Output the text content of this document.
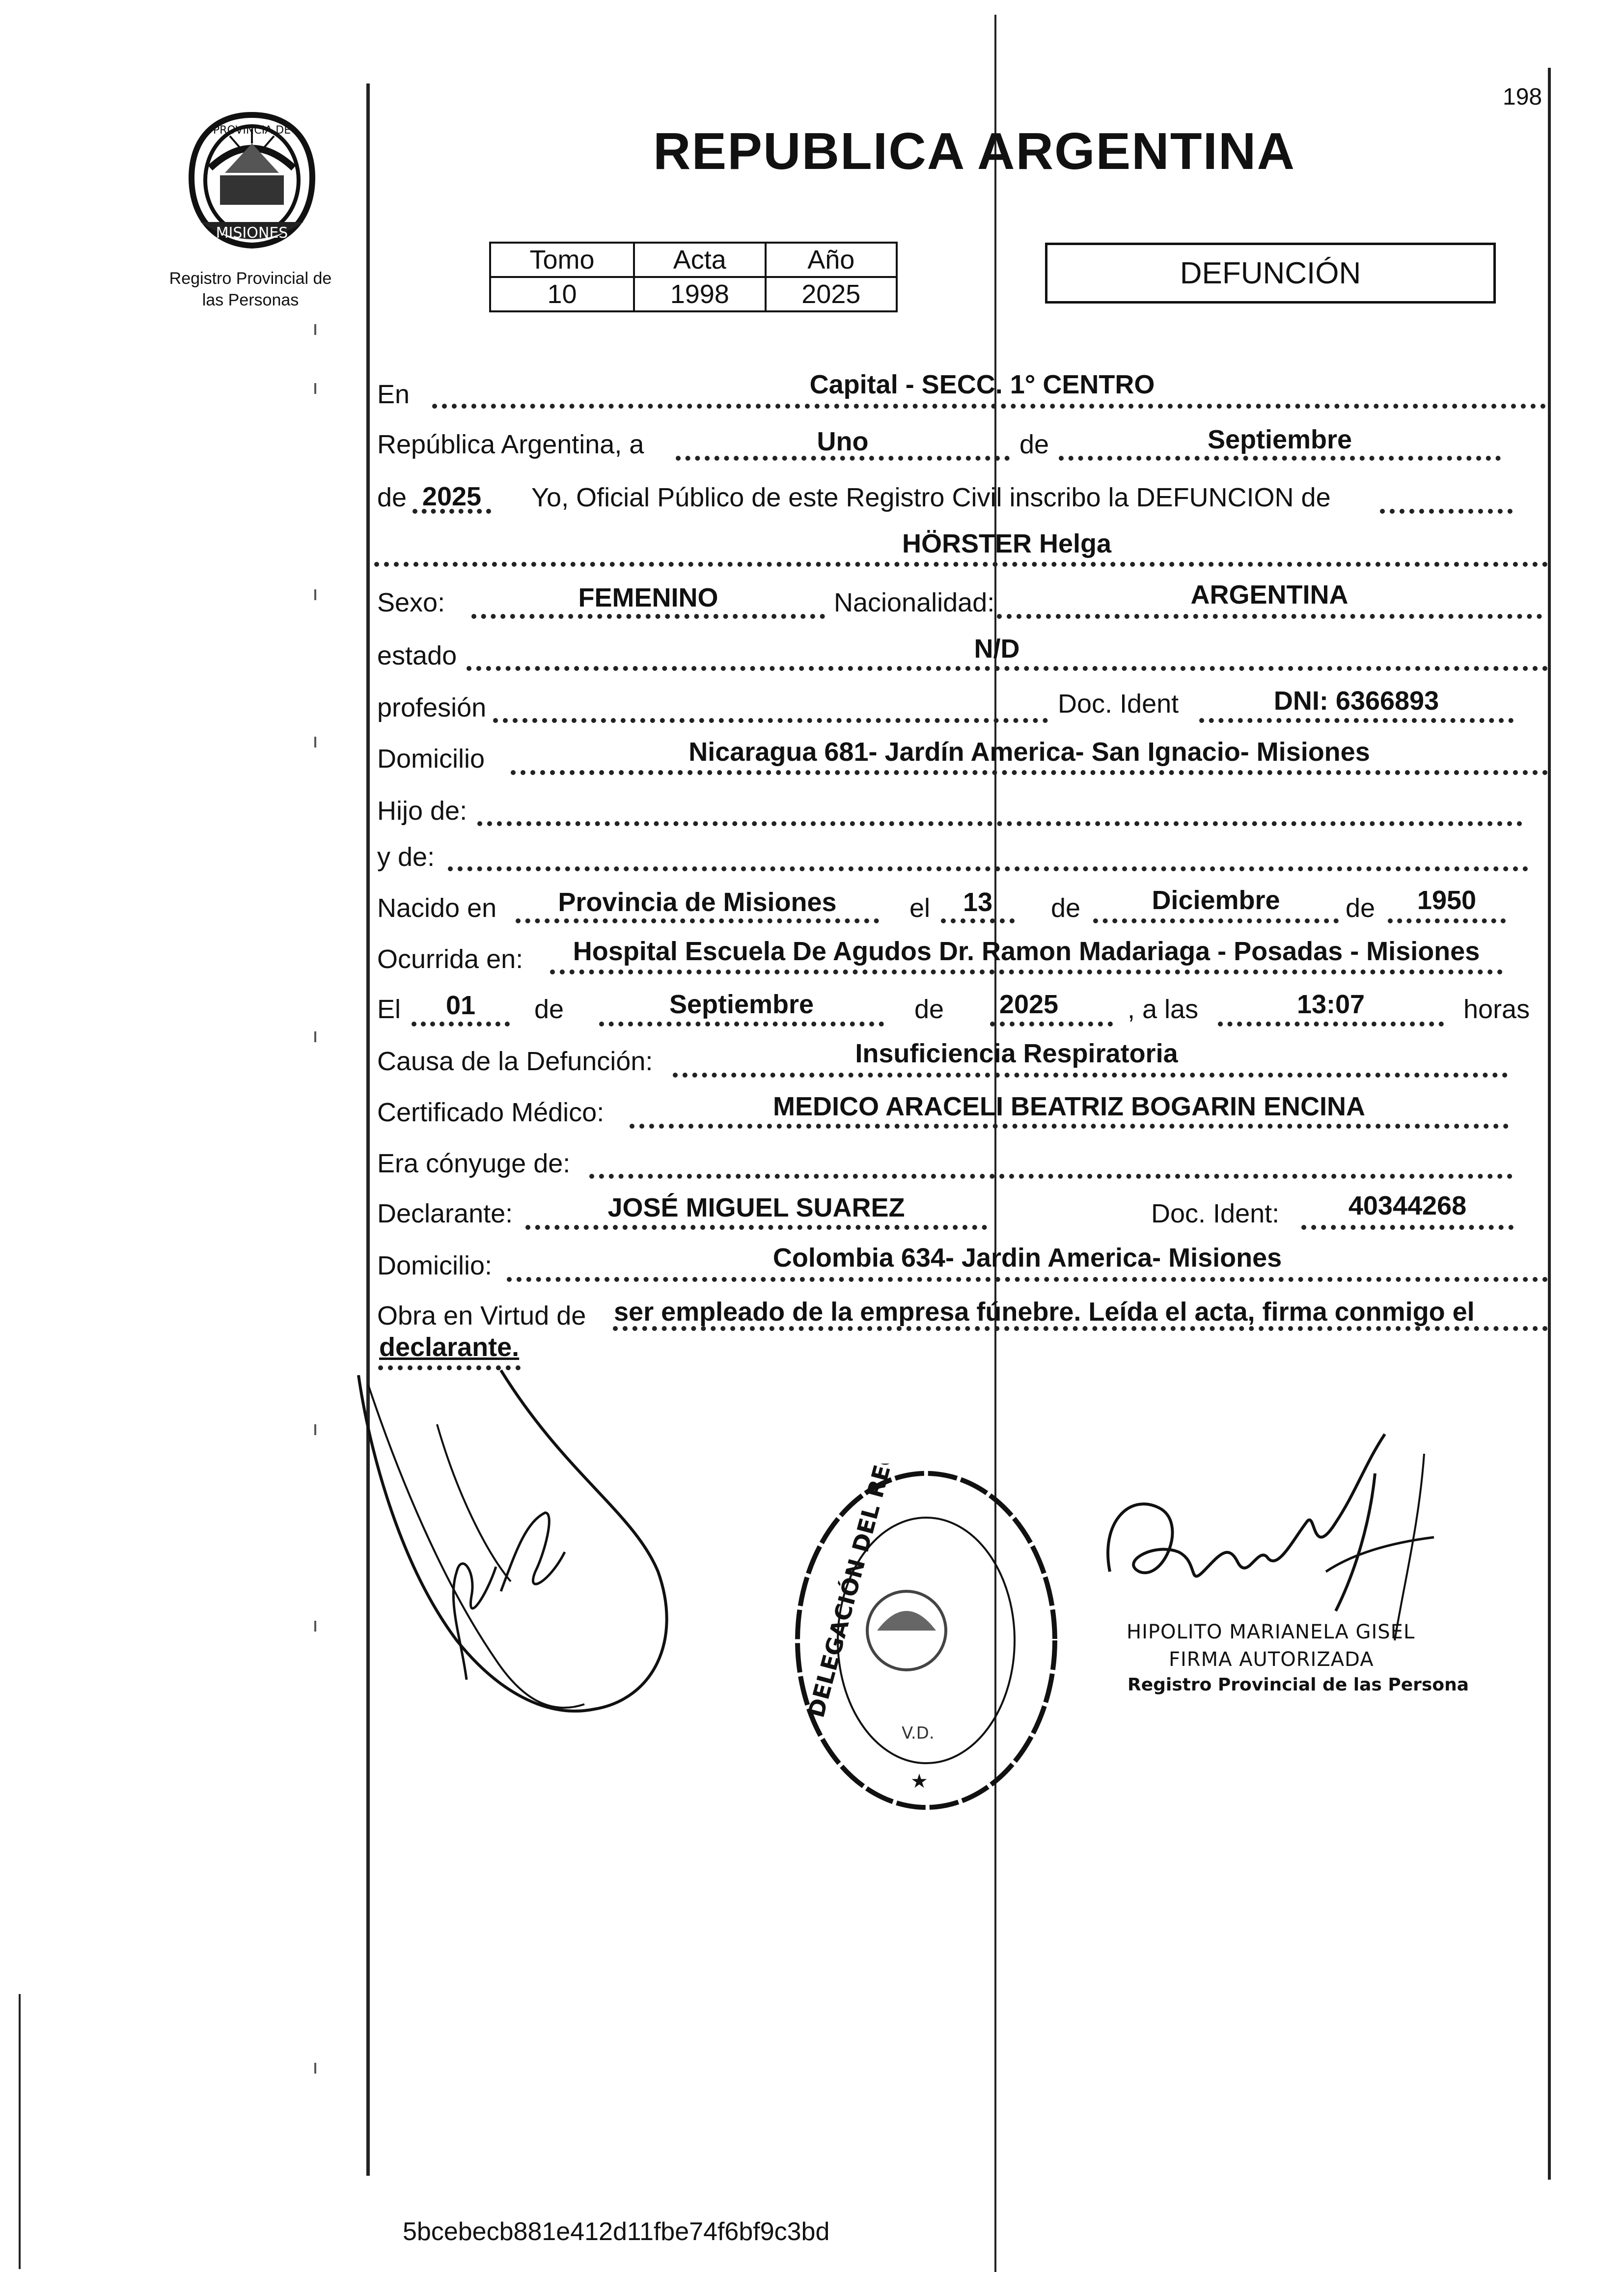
198
MISIONES
PROVINCIA DE
Registro Provincial de
las Personas
REPUBLICA ARGENTINA
Tomo	Acta	Año
10	1998	2025
DEFUNCIÓN
En	Capital - SECC. 1° CENTRO
República Argentina, a	Uno	de	Septiembre
de 2025	Yo, Oficial Público de este Registro Civil inscribo la DEFUNCION de
HÖRSTER Helga
Sexo:	FEMENINO	Nacionalidad:	ARGENTINA
estado	N/D
profesión	Doc. Ident	DNI: 6366893
Domicilio	Nicaragua 681- Jardín America- San Ignacio- Misiones
Hijo de:
y de:
Nacido en	Provincia de Misiones	el	13	de	Diciembre	de	1950
Ocurrida en:	Hospital Escuela De Agudos Dr. Ramon Madariaga - Posadas - Misiones
El	01	de	Septiembre	de	2025	, a las	13:07	horas
Causa de la Defunción:	Insuficiencia Respiratoria
Certificado Médico:	MEDICO ARACELI BEATRIZ BOGARIN ENCINA
Era cónyuge de:
Declarante:	JOSÉ MIGUEL SUAREZ	Doc. Ident:	40344268
Domicilio:	Colombia 634- Jardin America- Misiones
Obra en Virtud de ser empleado de la empresa fúnebre. Leída el acta, firma conmigo el
declarante.
V.D.
★
HIPOLITO MARIANELA GISEL
FIRMA AUTORIZADA
Registro Provincial de las Persona
5bcebecb881e412d11fbe74f6bf9c3bd
